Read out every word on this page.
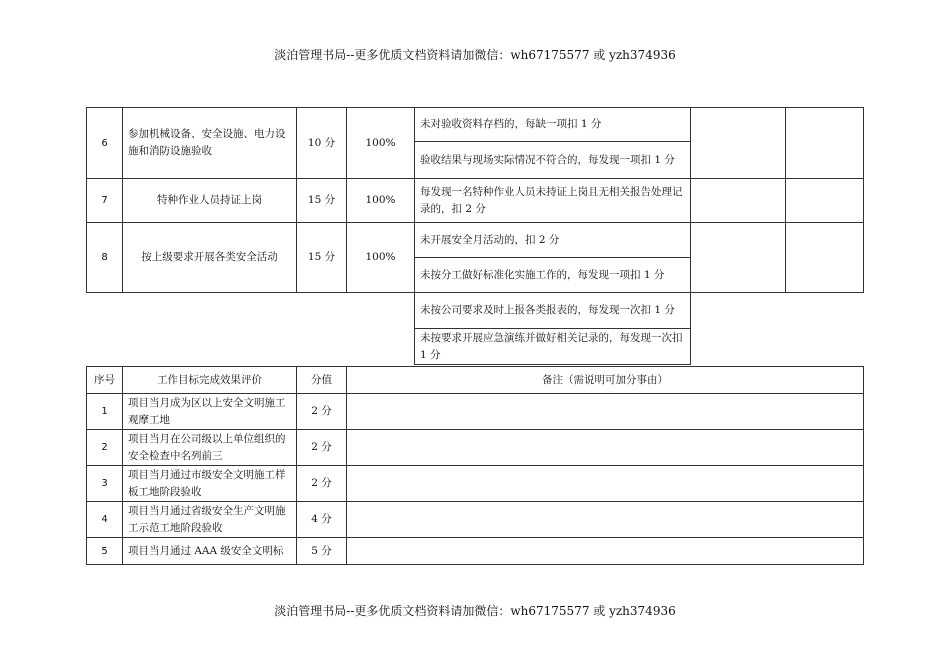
淡泊管理书局--更多优质文档资料请加微信：wh67175577 或 yzh374936
6	参加机械设备、安全设施、电力设施和消防设施验收	10 分	100%	未对验收资料存档的，每缺一项扣 1 分		
				验收结果与现场实际情况不符合的，每发现一项扣 1 分		
7	特种作业人员持证上岗	15 分	100%	每发现一名特种作业人员未持证上岗且无相关报告处理记录的，扣 2 分		
8	按上级要求开展各类安全活动	15 分	100%	未开展安全月活动的，扣 2 分		
				未按分工做好标准化实施工作的，每发现一项扣 1 分		
				未按公司要求及时上报各类报表的，每发现一次扣 1 分		
				未按要求开展应急演练并做好相关记录的，每发现一次扣 1 分		
序号	工作目标完成效果评价	分值	备注（需说明可加分事由）
1	项目当月成为区以上安全文明施工观摩工地	2 分	
2	项目当月在公司级以上单位组织的安全检查中名列前三	2 分	
3	项目当月通过市级安全文明施工样板工地阶段验收	2 分	
4	项目当月通过省级安全生产文明施工示范工地阶段验收	4 分	
5	项目当月通过 AAA 级安全文明标	5 分	
淡泊管理书局--更多优质文档资料请加微信：wh67175577 或 yzh374936
